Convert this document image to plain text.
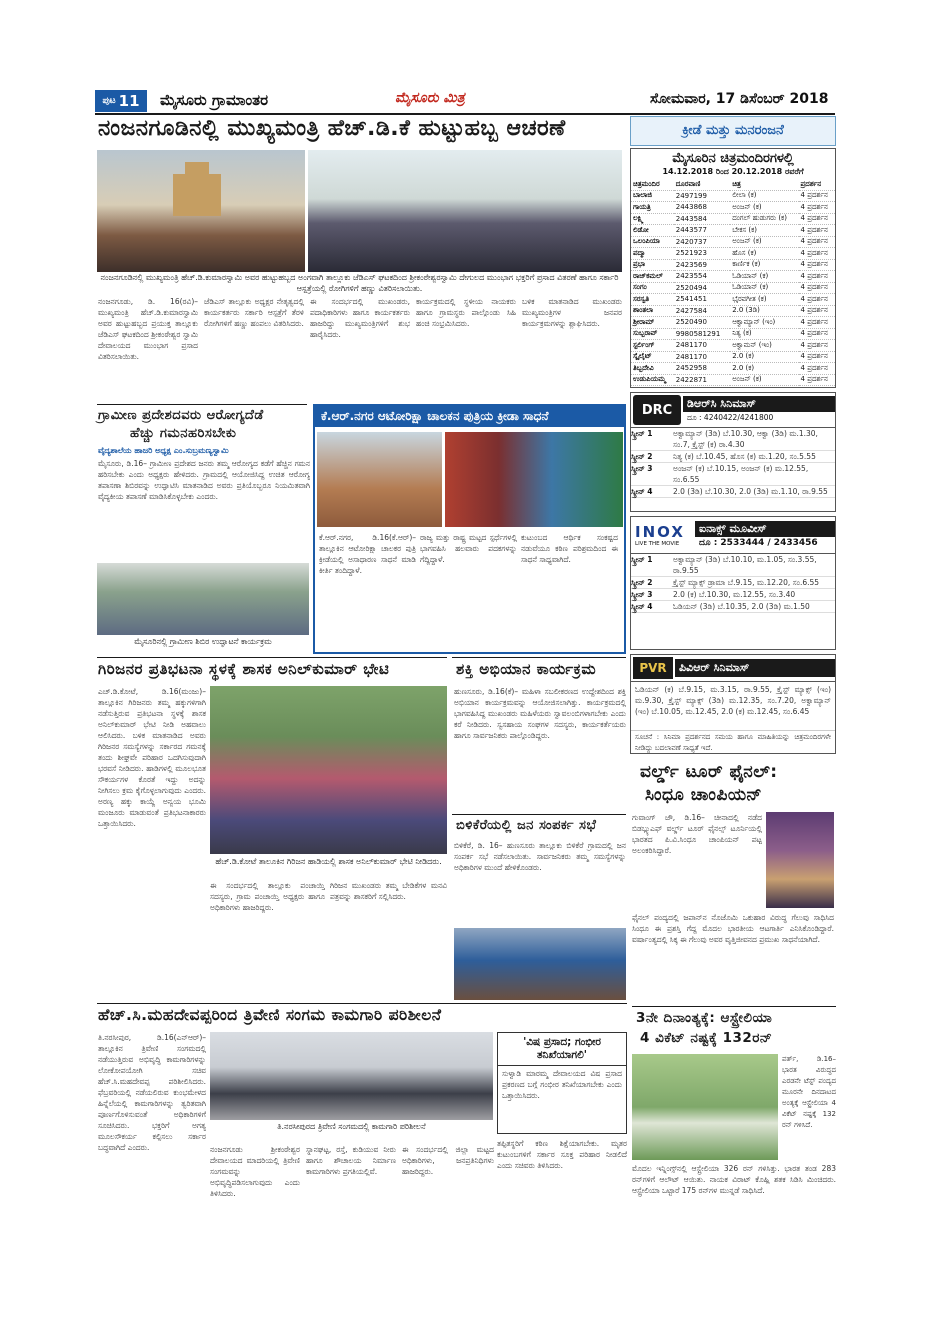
ಪುಟ 11 ಮೈಸೂರು ಗ್ರಾಮಾಂತರ	ಮೈಸೂರು ಮಿತ್ರ	ಸೋಮವಾರ, 17 ಡಿಸೆಂಬರ್ 2018
ನಂಜನಗೂಡಿನಲ್ಲಿ ಮುಖ್ಯಮಂತ್ರಿ ಹೆಚ್.ಡಿ.ಕೆ ಹುಟ್ಟುಹಬ್ಬ ಆಚರಣೆ
ನಂಜನಗೂಡಿನಲ್ಲಿ ಮುಖ್ಯಮಂತ್ರಿ ಹೆಚ್.ಡಿ.ಕುಮಾರಸ್ವಾಮಿ ಅವರ ಹುಟ್ಟುಹಬ್ಬದ ಅಂಗವಾಗಿ ತಾಲ್ಲೂಕು ಜೆಡಿಎಸ್ ಘಟಕದಿಂದ ಶ್ರೀಕಂಠೇಶ್ವರಸ್ವಾಮಿ ದೇಗುಲದ ಮುಂಭಾಗ ಭಕ್ತರಿಗೆ ಪ್ರಸಾದ ವಿತರಣೆ ಹಾಗೂ ಸರ್ಕಾರಿ ಆಸ್ಪತ್ರೆಯಲ್ಲಿ ರೋಗಿಗಳಿಗೆ ಹಣ್ಣು ವಿತರಿಸಲಾಯಿತು.
ನಂಜನಗೂಡು, ಡಿ. 16(ರವಿ)– ಮುಖ್ಯಮಂತ್ರಿ ಹೆಚ್.ಡಿ.ಕುಮಾರಸ್ವಾಮಿ ಅವರ ಹುಟ್ಟುಹಬ್ಬದ ಪ್ರಯುಕ್ತ ತಾಲ್ಲೂಕು ಜೆಡಿಎಸ್ ಘಟಕದಿಂದ ಶ್ರೀಕಂಠೇಶ್ವರ ಸ್ವಾಮಿ ದೇವಾಲಯದ ಮುಂಭಾಗ ಪ್ರಸಾದ ವಿತರಿಸಲಾಯಿತು.
ಜೆಡಿಎಸ್ ತಾಲ್ಲೂಕು ಅಧ್ಯಕ್ಷರ ನೇತೃತ್ವದಲ್ಲಿ ಕಾರ್ಯಕರ್ತರು ಸರ್ಕಾರಿ ಆಸ್ಪತ್ರೆಗೆ ತೆರಳಿ ರೋಗಿಗಳಿಗೆ ಹಣ್ಣು ಹಂಪಲು ವಿತರಿಸಿದರು.
ಈ ಸಂದರ್ಭದಲ್ಲಿ ಮುಖಂಡರು, ಪದಾಧಿಕಾರಿಗಳು ಹಾಗೂ ಕಾರ್ಯಕರ್ತರು ಹಾಜರಿದ್ದು ಮುಖ್ಯಮಂತ್ರಿಗಳಿಗೆ ಶುಭ ಹಾರೈಸಿದರು.
ಕಾರ್ಯಕ್ರಮದಲ್ಲಿ ಸ್ಥಳೀಯ ನಾಯಕರು ಹಾಗೂ ಗ್ರಾಮಸ್ಥರು ಪಾಲ್ಗೊಂಡು ಸಿಹಿ ಹಂಚಿ ಸಂಭ್ರಮಿಸಿದರು.
ಬಳಿಕ ಮಾತನಾಡಿದ ಮುಖಂಡರು ಮುಖ್ಯಮಂತ್ರಿಗಳ ಜನಪರ ಕಾರ್ಯಕ್ರಮಗಳನ್ನು ಶ್ಲಾಘಿಸಿದರು.
ಗ್ರಾಮೀಣ ಪ್ರದೇಶದವರು ಆರೋಗ್ಯದೆಡೆ
ಹೆಚ್ಚು ಗಮನಹರಿಸಬೇಕು
ವೈದ್ಯಶಾಲೆಯ ಹಾಜರಿ ಅಧ್ಯಕ್ಷ ಎಂ.ಸುಬ್ರಮಣ್ಯಸ್ವಾಮಿ
ಮೈಸೂರು, ಡಿ.16– ಗ್ರಾಮೀಣ ಪ್ರದೇಶದ ಜನರು ತಮ್ಮ ಆರೋಗ್ಯದ ಕಡೆಗೆ ಹೆಚ್ಚಿನ ಗಮನ ಹರಿಸಬೇಕು ಎಂದು ಅಧ್ಯಕ್ಷರು ಹೇಳಿದರು. ಗ್ರಾಮದಲ್ಲಿ ಆಯೋಜಿಸಿದ್ದ ಉಚಿತ ಆರೋಗ್ಯ ತಪಾಸಣಾ ಶಿಬಿರವನ್ನು ಉದ್ಘಾಟಿಸಿ ಮಾತನಾಡಿದ ಅವರು ಪ್ರತಿಯೊಬ್ಬರೂ ನಿಯಮಿತವಾಗಿ ವೈದ್ಯಕೀಯ ತಪಾಸಣೆ ಮಾಡಿಸಿಕೊಳ್ಳಬೇಕು ಎಂದರು.
ಮೈಸೂರಿನಲ್ಲಿ ಗ್ರಾಮೀಣ ಶಿಬಿರ ಉದ್ಘಾಟನೆ ಕಾರ್ಯಕ್ರಮ
ಕೆ.ಆರ್.ನಗರ ಆಟೋರಿಕ್ಷಾ ಚಾಲಕನ ಪುತ್ರಿಯ ಕ್ರೀಡಾ ಸಾಧನೆ
ಕೆ.ಆರ್.ನಗರ, ಡಿ.16(ಕೆ.ಆರ್)– ತಾಲ್ಲೂಕಿನ ಆಟೋರಿಕ್ಷಾ ಚಾಲಕರ ಪುತ್ರಿ ಕ್ರೀಡೆಯಲ್ಲಿ ಅಸಾಧಾರಣ ಸಾಧನೆ ಮಾಡಿ ಕೀರ್ತಿ ತಂದಿದ್ದಾಳೆ.
ರಾಜ್ಯ ಮತ್ತು ರಾಷ್ಟ್ರ ಮಟ್ಟದ ಸ್ಪರ್ಧೆಗಳಲ್ಲಿ ಭಾಗವಹಿಸಿ ಹಲವಾರು ಪದಕಗಳನ್ನು ಗೆದ್ದಿದ್ದಾಳೆ.
ಕುಟುಂಬದ ಆರ್ಥಿಕ ಸಂಕಷ್ಟದ ನಡುವೆಯೂ ಕಠಿಣ ಪರಿಶ್ರಮದಿಂದ ಈ ಸಾಧನೆ ಸಾಧ್ಯವಾಗಿದೆ.
ಗಿರಿಜನರ ಪ್ರತಿಭಟನಾ ಸ್ಥಳಕ್ಕೆ ಶಾಸಕ ಅನಿಲ್‌ಕುಮಾರ್ ಭೇಟಿ
ಎಚ್.ಡಿ.ಕೋಟೆ, ಡಿ.16(ಮಂಜು)– ತಾಲ್ಲೂಕಿನ ಗಿರಿಜನರು ತಮ್ಮ ಹಕ್ಕುಗಳಿಗಾಗಿ ನಡೆಸುತ್ತಿರುವ ಪ್ರತಿಭಟನಾ ಸ್ಥಳಕ್ಕೆ ಶಾಸಕ ಅನಿಲ್‌ಕುಮಾರ್ ಭೇಟಿ ನೀಡಿ ಅಹವಾಲು ಆಲಿಸಿದರು. ಬಳಿಕ ಮಾತನಾಡಿದ ಅವರು ಗಿರಿಜನರ ಸಮಸ್ಯೆಗಳನ್ನು ಸರ್ಕಾರದ ಗಮನಕ್ಕೆ ತಂದು ಶೀಘ್ರವೇ ಪರಿಹಾರ ಒದಗಿಸುವುದಾಗಿ ಭರವಸೆ ನೀಡಿದರು. ಹಾಡಿಗಳಲ್ಲಿ ಮೂಲಭೂತ ಸೌಕರ್ಯಗಳ ಕೊರತೆ ಇದ್ದು ಅದನ್ನು ನೀಗಿಸಲು ಕ್ರಮ ಕೈಗೊಳ್ಳಲಾಗುವುದು ಎಂದರು. ಅರಣ್ಯ ಹಕ್ಕು ಕಾಯ್ದೆ ಅನ್ವಯ ಭೂಮಿ ಮಂಜೂರು ಮಾಡುವಂತೆ ಪ್ರತಿಭಟನಾಕಾರರು ಒತ್ತಾಯಿಸಿದರು.
ಹೆಚ್.ಡಿ.ಕೋಟೆ ತಾಲೂಕಿನ ಗಿರಿಜನ ಹಾಡಿಯಲ್ಲಿ ಶಾಸಕ ಅನಿಲ್‌ಕುಮಾರ್ ಭೇಟಿ ನೀಡಿದರು.
ಈ ಸಂದರ್ಭದಲ್ಲಿ ತಾಲ್ಲೂಕು ಪಂಚಾಯ್ತಿ ಸದಸ್ಯರು, ಗ್ರಾಮ ಪಂಚಾಯ್ತಿ ಅಧ್ಯಕ್ಷರು ಹಾಗೂ ಅಧಿಕಾರಿಗಳು ಹಾಜರಿದ್ದರು.
ಗಿರಿಜನ ಮುಖಂಡರು ತಮ್ಮ ಬೇಡಿಕೆಗಳ ಮನವಿ ಪತ್ರವನ್ನು ಶಾಸಕರಿಗೆ ಸಲ್ಲಿಸಿದರು.
ಶಕ್ತಿ ಅಭಿಯಾನ ಕಾರ್ಯಕ್ರಮ
ಹುಣಸೂರು, ಡಿ.16(ಕೆ)– ಮಹಿಳಾ ಸಬಲೀಕರಣದ ಉದ್ದೇಶದಿಂದ ಶಕ್ತಿ ಅಭಿಯಾನ ಕಾರ್ಯಕ್ರಮವನ್ನು ಆಯೋಜಿಸಲಾಗಿತ್ತು. ಕಾರ್ಯಕ್ರಮದಲ್ಲಿ ಭಾಗವಹಿಸಿದ್ದ ಮುಖಂಡರು ಮಹಿಳೆಯರು ಸ್ವಾವಲಂಬಿಗಳಾಗಬೇಕು ಎಂದು ಕರೆ ನೀಡಿದರು. ಸ್ವಸಹಾಯ ಸಂಘಗಳ ಸದಸ್ಯರು, ಕಾರ್ಯಕರ್ತೆಯರು ಹಾಗೂ ಸಾರ್ವಜನಿಕರು ಪಾಲ್ಗೊಂಡಿದ್ದರು.
ಬಿಳಿಕೆರೆಯಲ್ಲಿ ಜನ ಸಂಪರ್ಕ ಸಭೆ
ಬಿಳಿಕೆರೆ, ಡಿ. 16– ಹುಣಸೂರು ತಾಲ್ಲೂಕು ಬಿಳಿಕೆರೆ ಗ್ರಾಮದಲ್ಲಿ ಜನ ಸಂಪರ್ಕ ಸಭೆ ನಡೆಸಲಾಯಿತು. ಸಾರ್ವಜನಿಕರು ತಮ್ಮ ಸಮಸ್ಯೆಗಳನ್ನು ಅಧಿಕಾರಿಗಳ ಮುಂದೆ ಹೇಳಿಕೊಂಡರು.
ಹೆಚ್.ಸಿ.ಮಹದೇವಪ್ಪರಿಂದ ತ್ರಿವೇಣಿ ಸಂಗಮ ಕಾಮಗಾರಿ ಪರಿಶೀಲನೆ
ತಿ.ನರಸೀಪುರ, ಡಿ.16(ಎನ್ಆರ್)– ತಾಲ್ಲೂಕಿನ ತ್ರಿವೇಣಿ ಸಂಗಮದಲ್ಲಿ ನಡೆಯುತ್ತಿರುವ ಅಭಿವೃದ್ಧಿ ಕಾಮಗಾರಿಗಳನ್ನು ಲೋಕೋಪಯೋಗಿ ಸಚಿವ ಹೆಚ್.ಸಿ.ಮಹದೇವಪ್ಪ ಪರಿಶೀಲಿಸಿದರು. ಫೆಬ್ರವರಿಯಲ್ಲಿ ನಡೆಯಲಿರುವ ಕುಂಭಮೇಳದ ಹಿನ್ನೆಲೆಯಲ್ಲಿ ಕಾಮಗಾರಿಗಳನ್ನು ತ್ವರಿತವಾಗಿ ಪೂರ್ಣಗೊಳಿಸುವಂತೆ ಅಧಿಕಾರಿಗಳಿಗೆ ಸೂಚಿಸಿದರು. ಭಕ್ತರಿಗೆ ಅಗತ್ಯ ಮೂಲಸೌಕರ್ಯ ಕಲ್ಪಿಸಲು ಸರ್ಕಾರ ಬದ್ಧವಾಗಿದೆ ಎಂದರು.
ತಿ.ನರಸೀಪುರದ ತ್ರಿವೇಣಿ ಸಂಗಮದಲ್ಲಿ ಕಾಮಗಾರಿ ಪರಿಶೀಲನೆ
ನಂಜನಗೂಡು ಶ್ರೀಕಂಠೇಶ್ವರ ದೇವಾಲಯದ ಮಾದರಿಯಲ್ಲಿ ತ್ರಿವೇಣಿ ಸಂಗಮವನ್ನು ಅಭಿವೃದ್ಧಿಪಡಿಸಲಾಗುವುದು ಎಂದು ತಿಳಿಸಿದರು.
ಸ್ನಾನಘಟ್ಟ, ರಸ್ತೆ, ಕುಡಿಯುವ ನೀರು ಹಾಗೂ ಶೌಚಾಲಯ ನಿರ್ಮಾಣ ಕಾಮಗಾರಿಗಳು ಪ್ರಗತಿಯಲ್ಲಿವೆ.
ಈ ಸಂದರ್ಭದಲ್ಲಿ ಜಿಲ್ಲಾ ಮಟ್ಟದ ಅಧಿಕಾರಿಗಳು, ಜನಪ್ರತಿನಿಧಿಗಳು ಹಾಜರಿದ್ದರು.
'ವಿಷ ಪ್ರಸಾದ; ಗಂಭೀರ ತನಿಖೆಯಾಗಲಿ'
ಸುಳ್ವಾಡಿ ಮಾರಮ್ಮ ದೇವಾಲಯದ ವಿಷ ಪ್ರಸಾದ ಪ್ರಕರಣದ ಬಗ್ಗೆ ಗಂಭೀರ ತನಿಖೆಯಾಗಬೇಕು ಎಂದು ಒತ್ತಾಯಿಸಿದರು.
ತಪ್ಪಿತಸ್ಥರಿಗೆ ಕಠಿಣ ಶಿಕ್ಷೆಯಾಗಬೇಕು. ಮೃತರ ಕುಟುಂಬಗಳಿಗೆ ಸರ್ಕಾರ ಸೂಕ್ತ ಪರಿಹಾರ ನೀಡಲಿದೆ ಎಂದು ಸಚಿವರು ತಿಳಿಸಿದರು.
ಕ್ರೀಡೆ ಮತ್ತು ಮನರಂಜನೆ
ಮೈಸೂರಿನ ಚಿತ್ರಮಂದಿರಗಳಲ್ಲಿ
14.12.2018 ರಿಂದ 20.12.2018 ರವರೆಗೆ
ಚಿತ್ರಮಂದಿರ	ದೂರವಾಣಿ	ಚಿತ್ರ	ಪ್ರದರ್ಶನ
ಬಾಲಾಜಿ	2497199	ಲೀಲಾ (ಕ)	4 ಪ್ರದರ್ಶನ
ಗಾಯತ್ರಿ	2443868	ಅಂಜನ್ (ಕ)	4 ಪ್ರದರ್ಶನ
ಲಕ್ಷ್ಮಿ	2443584	ದಂಗಲ್ ಹುಡುಗರು (ಕ)	4 ಪ್ರದರ್ಶನ
ಲಿಡೋ	2443577	ಬೇಕಸ (ಕ)	4 ಪ್ರದರ್ಶನ
ಒಲಂಪಿಯಾ	2420737	ಅಂಜನ್ (ಕ)	4 ಪ್ರದರ್ಶನ
ಪದ್ಮಾ	2521923	ಹೊಸ (ಕ)	4 ಪ್ರದರ್ಶನ
ಪ್ರಭಾ	2423569	ಕಾರ್ಣಿಕ (ಕ)	4 ಪ್ರದರ್ಶನ
ರಾಜ್‌ಕಮಲ್	2423554	ಓಡಿಯಾನ್ (ಕ)	4 ಪ್ರದರ್ಶನ
ಸಂಗಂ	2520494	ಓಡಿಯಾನ್ (ಕ)	4 ಪ್ರದರ್ಶನ
ಸರಸ್ವತಿ	2541451	ಭೈರವಗೀತ (ಕ)	4 ಪ್ರದರ್ಶನ
ಶಾಂತಲಾ	2427584	2.0 (3ಡಿ)	4 ಪ್ರದರ್ಶನ
ಶ್ರೀರಾಮ್	2520490	ಆಕ್ವಾಮ್ಯಾನ್ (ಇಂ)	4 ಪ್ರದರ್ಶನ
ಸುಬ್ಬರಾವ್	9980581291	ನಿತ್ಯ (ಕ)	4 ಪ್ರದರ್ಶನ
ಸ್ಟರ್ಲಿಂಗ್	2481170	ಅಕ್ವಾಮನ್ (ಇಂ)	4 ಪ್ರದರ್ಶನ
ಸ್ಕೈಲೈಟ್	2481170	2.0 (ಕ)	4 ಪ್ರದರ್ಶನ
ತಿಬ್ಬದೇವಿ	2452958	2.0 (ಕ)	4 ಪ್ರದರ್ಶನ
ಉಡುಪಿಯಮ್ಮ	2422871	ಅಂಜನ್ (ಕ)	4 ಪ್ರದರ್ಶನ

DRC	ಡಿಆರ್‌ಸಿ ಸಿನಿಮಾಸ್
ದೂ : 4240422/4241800
ಸ್ಕ್ರೀನ್ 1	ಅಕ್ವಾಮ್ಯಾನ್ (3ಡಿ) ಬೆ.10.30, ಆಕ್ವಾ (3ಡಿ) ಮ.1.30, ಸಂ.7, ಕ್ರೈಸ್ಟ್ (ಕ) ರಾ.4.30
ಸ್ಕ್ರೀನ್ 2	ನಿತ್ಯ (ಕ) ಬೆ.10.45, ಹೊಸ (ಕ) ಮ.1.20, ಸಂ.5.55
ಸ್ಕ್ರೀನ್ 3	ಅಂಜನ್ (ಕ) ಬೆ.10.15, ಅಂಜನ್ (ಕ) ಮ.12.55, ಸಂ.6.55
ಸ್ಕ್ರೀನ್ 4	2.0 (3ಡಿ) ಬೆ.10.30, 2.0 (3ಡಿ) ಮ.1.10, ರಾ.9.55
INOX
LIVE THE MOVIE
ಐನಾಕ್ಸ್ ಮೂವೀಸ್
ದೂ : 2533444 / 2433456
ಸ್ಕ್ರೀನ್ 1	ಅಕ್ವಾಮ್ಯಾನ್ (3ಡಿ) ಬೆ.10.10, ಮ.1.05, ಸಂ.3.55, ರಾ.9.55
ಸ್ಕ್ರೀನ್ 2	ಕ್ರೈಸ್ಟ್ ಮ್ಯಾಕ್ಸ್ ಡ್ರಾಮಾ ಬೆ.9.15, ಮ.12.20, ಸಂ.6.55
ಸ್ಕ್ರೀನ್ 3	2.0 (ಕ) ಬೆ.10.30, ಮ.12.55, ಸಂ.3.40
ಸ್ಕ್ರೀನ್ 4	ಓಡಿಯನ್ (3ಡಿ) ಬೆ.10.35, 2.0 (3ಡಿ) ಮ.1.50
PVR	ಪಿವಿಆರ್ ಸಿನಿಮಾಸ್
ಓಡಿಯನ್ (ಕ) ಬೆ.9.15, ಮ.3.15, ರಾ.9.55, ಕ್ರೈಸ್ಟ್ ಮ್ಯಾಕ್ಸ್ (ಇಂ) ಮ.9.30, ಕ್ರೈಸ್ಟ್ ಮ್ಯಾಕ್ಸ್ (3ಡಿ) ಮ.12.35, ಸಂ.7.20, ಅಕ್ವಾಮ್ಯಾನ್ (ಇಂ) ಬೆ.10.05, ಮ.12.45, 2.0 (ಕ) ಮ.12.45, ಸಂ.6.45
ಸೂಚನೆ : ಸಿನಿಮಾ ಪ್ರದರ್ಶನದ ಸಮಯ ಹಾಗೂ ಮಾಹಿತಿಯನ್ನು ಚಿತ್ರಮಂದಿರಗಳೇ ನೀಡಿದ್ದು ಬದಲಾವಣೆ ಸಾಧ್ಯತೆ ಇದೆ.
ವರ್ಲ್ಡ್ ಟೂರ್ ಫೈನಲ್:
ಸಿಂಧೂ ಚಾಂಪಿಯನ್
ಗುವಾಂಗ್ ಜೌ, ಡಿ.16– ಚೀನಾದಲ್ಲಿ ನಡೆದ ಬಿಡಬ್ಲ್ಯುಎಫ್ ವರ್ಲ್ಡ್ ಟೂರ್ ಫೈನಲ್ಸ್ ಟೂರ್ನಿಯಲ್ಲಿ ಭಾರತದ ಪಿ.ವಿ.ಸಿಂಧೂ ಚಾಂಪಿಯನ್ ಪಟ್ಟ ಅಲಂಕರಿಸಿದ್ದಾರೆ.
ಫೈನಲ್ ಪಂದ್ಯದಲ್ಲಿ ಜಪಾನ್‌ನ ನೊಜೊಮಿ ಒಕುಹಾರ ವಿರುದ್ಧ ಗೆಲುವು ಸಾಧಿಸಿದ ಸಿಂಧೂ ಈ ಪ್ರಶಸ್ತಿ ಗೆದ್ದ ಮೊದಲ ಭಾರತೀಯ ಆಟಗಾರ್ತಿ ಎನಿಸಿಕೊಂಡಿದ್ದಾರೆ. ವರ್ಷಾಂತ್ಯದಲ್ಲಿ ಸಿಕ್ಕ ಈ ಗೆಲುವು ಅವರ ವೃತ್ತಿಜೀವನದ ಪ್ರಮುಖ ಸಾಧನೆಯಾಗಿದೆ.
3ನೇ ದಿನಾಂತ್ಯಕ್ಕೆ: ಆಸ್ಟ್ರೇಲಿಯಾ
4 ವಿಕೆಟ್ ನಷ್ಟಕ್ಕೆ 132ರನ್
ಪರ್ತ್, ಡಿ.16– ಭಾರತ ವಿರುದ್ಧದ ಎರಡನೇ ಟೆಸ್ಟ್ ಪಂದ್ಯದ ಮೂರನೇ ದಿನದಾಟದ ಅಂತ್ಯಕ್ಕೆ ಆಸ್ಟ್ರೇಲಿಯಾ 4 ವಿಕೆಟ್ ನಷ್ಟಕ್ಕೆ 132 ರನ್ ಗಳಿಸಿದೆ.
ಮೊದಲ ಇನ್ನಿಂಗ್ಸ್‌ನಲ್ಲಿ ಆಸ್ಟ್ರೇಲಿಯಾ 326 ರನ್ ಗಳಿಸಿತ್ತು. ಭಾರತ ತಂಡ 283 ರನ್‌ಗಳಿಗೆ ಆಲೌಟ್ ಆಯಿತು. ನಾಯಕ ವಿರಾಟ್ ಕೊಹ್ಲಿ ಶತಕ ಸಿಡಿಸಿ ಮಿಂಚಿದರು. ಆಸ್ಟ್ರೇಲಿಯಾ ಒಟ್ಟಾರೆ 175 ರನ್‌ಗಳ ಮುನ್ನಡೆ ಸಾಧಿಸಿದೆ.
